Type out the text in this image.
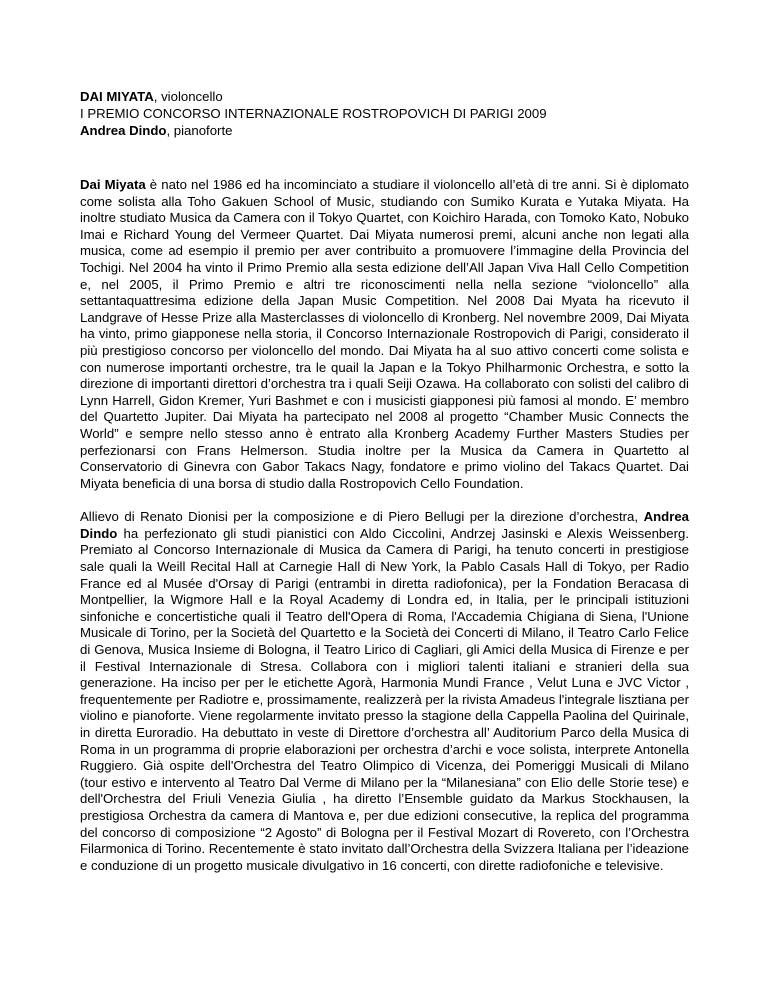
DAI MIYATA, violoncello
I PREMIO CONCORSO INTERNAZIONALE ROSTROPOVICH DI PARIGI 2009
Andrea Dindo, pianoforte

Dai Miyata è nato nel 1986 ed ha incominciato a studiare il violoncello all’età di tre anni. Si è diplomato come solista alla Toho Gakuen School of Music, studiando con Sumiko Kurata e Yutaka Miyata. Ha inoltre studiato Musica da Camera con il Tokyo Quartet, con Koichiro Harada, con Tomoko Kato, Nobuko Imai e Richard Young del Vermeer Quartet. Dai Miyata numerosi premi, alcuni anche non legati alla musica, come ad esempio il premio per aver contribuito a promuovere l’immagine della Provincia del Tochigi. Nel 2004 ha vinto il Primo Premio alla sesta edizione dell’All Japan Viva Hall Cello Competition e, nel 2005, il Primo Premio e altri tre riconoscimenti nella nella sezione “violoncello” alla settantaquattresima edizione della Japan Music Competition. Nel 2008 Dai Myata ha ricevuto il Landgrave of Hesse Prize alla Masterclasses di violoncello di Kronberg. Nel novembre 2009, Dai Miyata ha vinto, primo giapponese nella storia, il Concorso Internazionale Rostropovich di Parigi, considerato il più prestigioso concorso per violoncello del mondo. Dai Miyata ha al suo attivo concerti come solista e con numerose importanti orchestre, tra le quail la Japan e la Tokyo Philharmonic Orchestra, e sotto la direzione di importanti direttori d’orchestra tra i quali Seiji Ozawa. Ha collaborato con solisti del calibro di Lynn Harrell, Gidon Kremer, Yuri Bashmet e con i musicisti giapponesi più famosi al mondo. E’ membro del Quartetto Jupiter. Dai Miyata ha partecipato nel 2008 al progetto “Chamber Music Connects the World” e sempre nello stesso anno è entrato alla Kronberg Academy Further Masters Studies per perfezionarsi con Frans Helmerson. Studia inoltre per la Musica da Camera in Quartetto al Conservatorio di Ginevra con Gabor Takacs Nagy, fondatore e primo violino del Takacs Quartet. Dai Miyata beneficia di una borsa di studio dalla Rostropovich Cello Foundation.

Allievo di Renato Dionisi per la composizione e di Piero Bellugi per la direzione d’orchestra, Andrea Dindo ha perfezionato gli studi pianistici con Aldo Ciccolini, Andrzej Jasinski e Alexis Weissenberg. Premiato al Concorso Internazionale di Musica da Camera di Parigi, ha tenuto concerti in prestigiose sale quali la Weill Recital Hall at Carnegie Hall di New York, la Pablo Casals Hall di Tokyo, per Radio France ed al Musée d'Orsay di Parigi (entrambi in diretta radiofonica), per la Fondation Beracasa di Montpellier, la Wigmore Hall e la Royal Academy di Londra ed, in Italia, per le principali istituzioni sinfoniche e concertistiche quali il Teatro dell'Opera di Roma, l'Accademia Chigiana di Siena, l'Unione Musicale di Torino, per la Società del Quartetto e la Società dei Concerti di Milano, il Teatro Carlo Felice di Genova, Musica Insieme di Bologna, il Teatro Lirico di Cagliari, gli Amici della Musica di Firenze e per il Festival Internazionale di Stresa. Collabora con i migliori talenti italiani e stranieri della sua generazione. Ha inciso per per le etichette Agorà, Harmonia Mundi France , Velut Luna e JVC Victor , frequentemente per Radiotre e, prossimamente, realizzerà per la rivista Amadeus l'integrale lisztiana per violino e pianoforte. Viene regolarmente invitato presso la stagione della Cappella Paolina del Quirinale, in diretta Euroradio. Ha debuttato in veste di Direttore d’orchestra all’ Auditorium Parco della Musica di Roma in un programma di proprie elaborazioni per orchestra d’archi e voce solista, interprete Antonella Ruggiero. Già ospite dell'Orchestra del Teatro Olimpico di Vicenza, dei Pomeriggi Musicali di Milano (tour estivo e intervento al Teatro Dal Verme di Milano per la “Milanesiana” con Elio delle Storie tese) e dell'Orchestra del Friuli Venezia Giulia , ha diretto l’Ensemble guidato da Markus Stockhausen, la prestigiosa Orchestra da camera di Mantova e, per due edizioni consecutive, la replica del programma del concorso di composizione “2 Agosto” di Bologna per il Festival Mozart di Rovereto, con l’Orchestra Filarmonica di Torino. Recentemente è stato invitato dall’Orchestra della Svizzera Italiana per l’ideazione e conduzione di un progetto musicale divulgativo in 16 concerti, con dirette radiofoniche e televisive.
